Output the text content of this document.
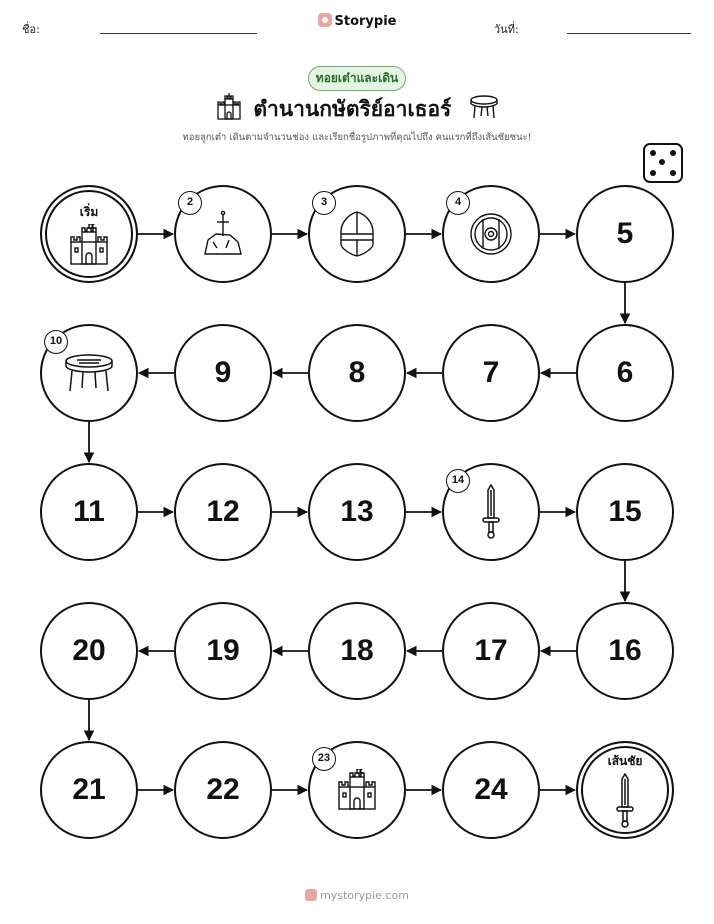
ชื่อ:
Storypie
วันที่:
ทอยเต๋าและเดิน
ตำนานกษัตริย์อาเธอร์
ทอยลูกเต๋า เดินตามจำนวนช่อง และเรียกชื่อรูปภาพที่คุณไปถึง คนแรกที่ถึงเส้นชัยชนะ!
เริ่ม
2	3	4
5
6
7
8
9
10
11	12	13
14
15
16
17
18
19
20
21	22
23
24
เส้นชัย
mystorypie.com
